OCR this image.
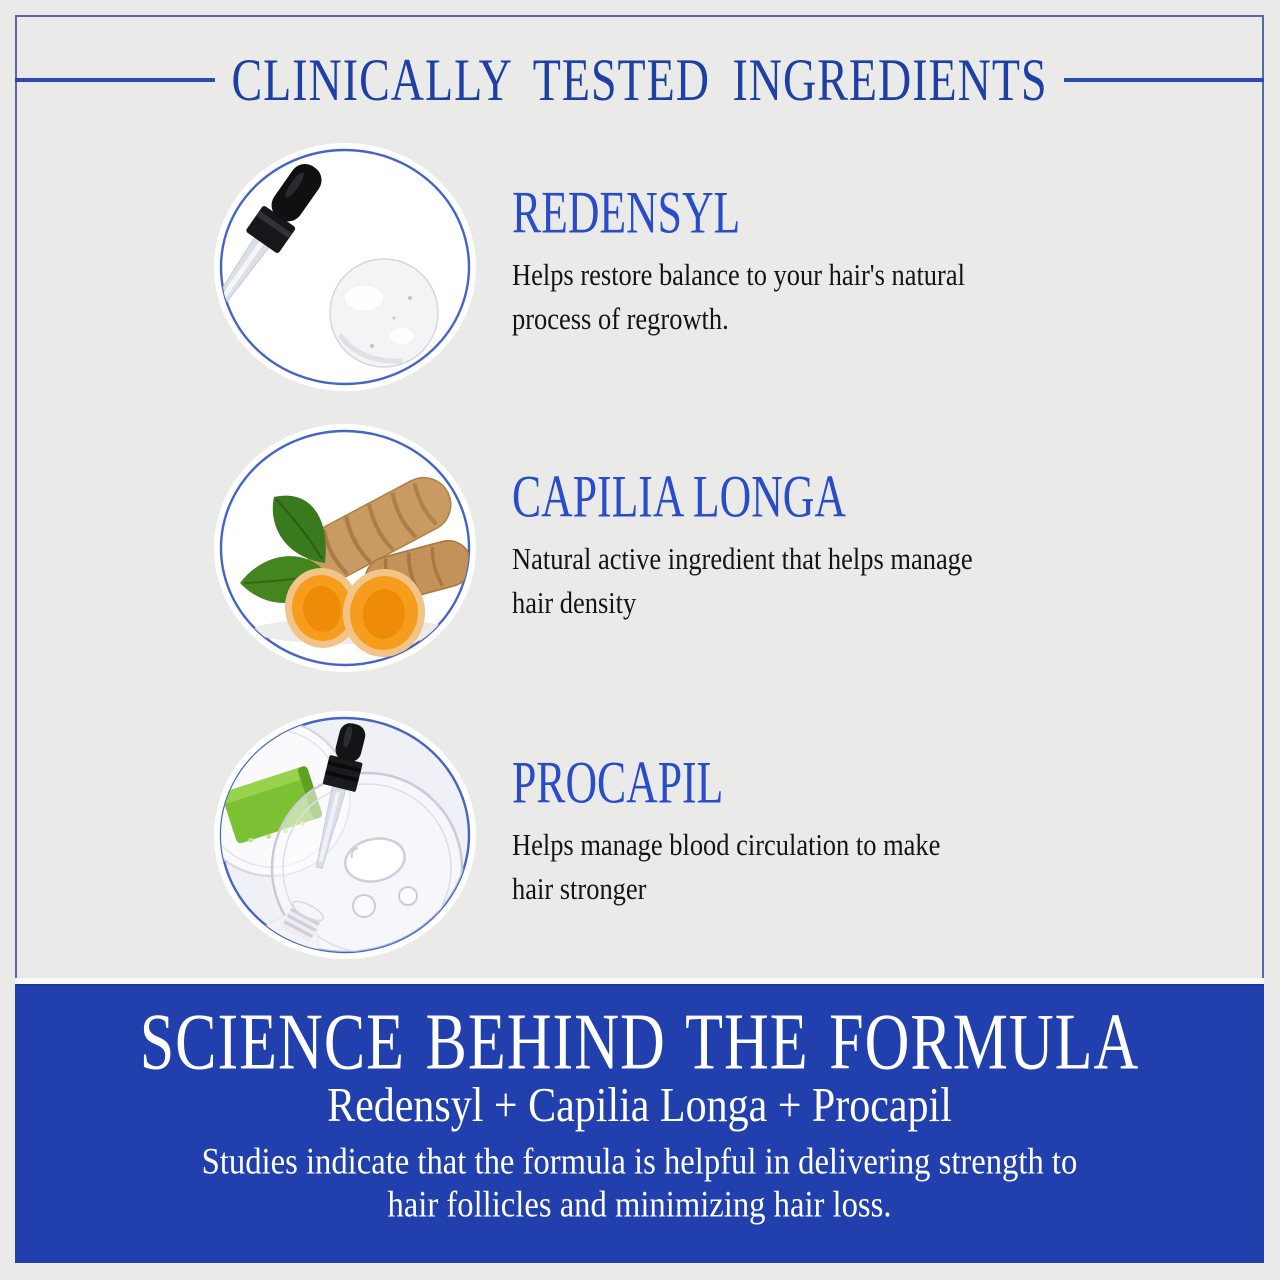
CLINICALLY TESTED INGREDIENTS
REDENSYL
Helps restore balance to your hair's natural
process of regrowth.
CAPILIA LONGA
Natural active ingredient that helps manage
hair density
PROCAPIL
Helps manage blood circulation to make
hair stronger
SCIENCE BEHIND THE FORMULA
Redensyl + Capilia Longa + Procapil
Studies indicate that the formula is helpful in delivering strength to
hair follicles and minimizing hair loss.
